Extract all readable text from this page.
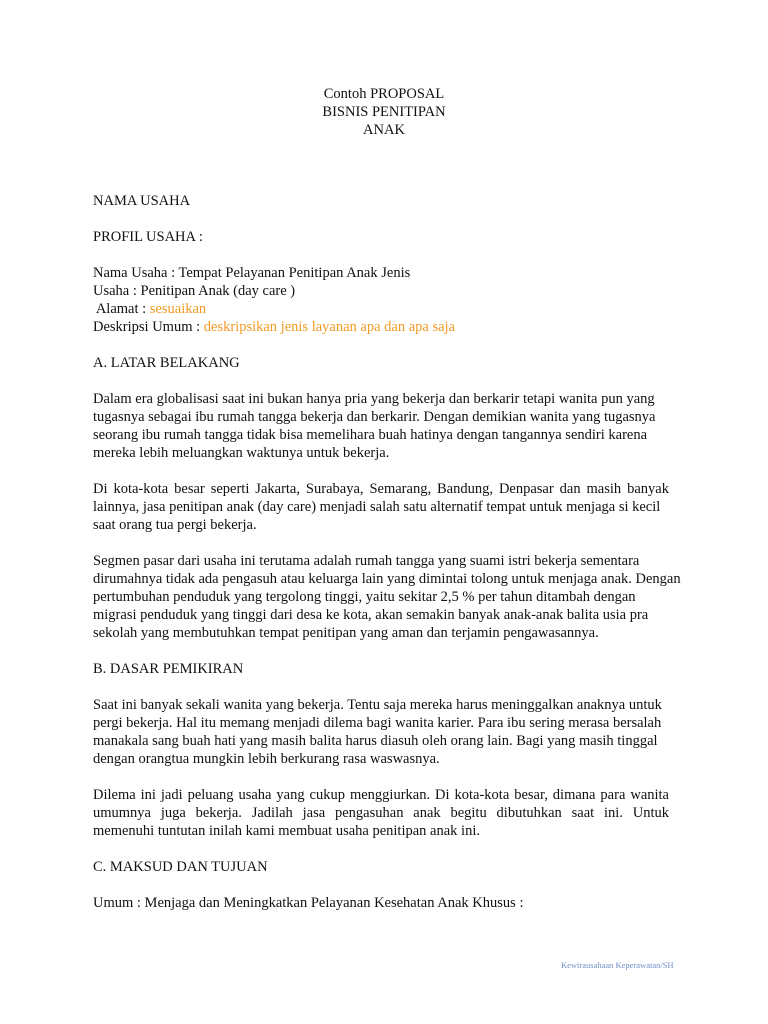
Contoh PROPOSAL
BISNIS PENITIPAN
ANAK
NAMA USAHA
PROFIL USAHA :
Nama Usaha : Tempat Pelayanan Penitipan Anak Jenis
Usaha : Penitipan Anak (day care )
Alamat : sesuaikan
Deskripsi Umum : deskripsikan jenis layanan apa dan apa saja
A. LATAR BELAKANG
Dalam era globalisasi saat ini bukan hanya pria yang bekerja dan berkarir tetapi wanita pun yang
tugasnya sebagai ibu rumah tangga bekerja dan berkarir. Dengan demikian wanita yang tugasnya
seorang ibu rumah tangga tidak bisa memelihara buah hatinya dengan tangannya sendiri karena
mereka lebih meluangkan waktunya untuk bekerja.
Di kota-kota besar seperti Jakarta, Surabaya, Semarang, Bandung, Denpasar dan masih banyak
lainnya, jasa penitipan anak (day care) menjadi salah satu alternatif tempat untuk menjaga si kecil
saat orang tua pergi bekerja.
Segmen pasar dari usaha ini terutama adalah rumah tangga yang suami istri bekerja sementara
dirumahnya tidak ada pengasuh atau keluarga lain yang dimintai tolong untuk menjaga anak. Dengan
pertumbuhan penduduk yang tergolong tinggi, yaitu sekitar 2,5 % per tahun ditambah dengan
migrasi penduduk yang tinggi dari desa ke kota, akan semakin banyak anak-anak balita usia pra
sekolah yang membutuhkan tempat penitipan yang aman dan terjamin pengawasannya.
B. DASAR PEMIKIRAN
Saat ini banyak sekali wanita yang bekerja. Tentu saja mereka harus meninggalkan anaknya untuk
pergi bekerja. Hal itu memang menjadi dilema bagi wanita karier. Para ibu sering merasa bersalah
manakala sang buah hati yang masih balita harus diasuh oleh orang lain. Bagi yang masih tinggal
dengan orangtua mungkin lebih berkurang rasa waswasnya.
Dilema ini jadi peluang usaha yang cukup menggiurkan. Di kota-kota besar, dimana para wanita
umumnya juga bekerja. Jadilah jasa pengasuhan anak begitu dibutuhkan saat ini. Untuk
memenuhi tuntutan inilah kami membuat usaha penitipan anak ini.
C. MAKSUD DAN TUJUAN
Umum : Menjaga dan Meningkatkan Pelayanan Kesehatan Anak Khusus :
Kewirausahaan Keperawatan/SH
